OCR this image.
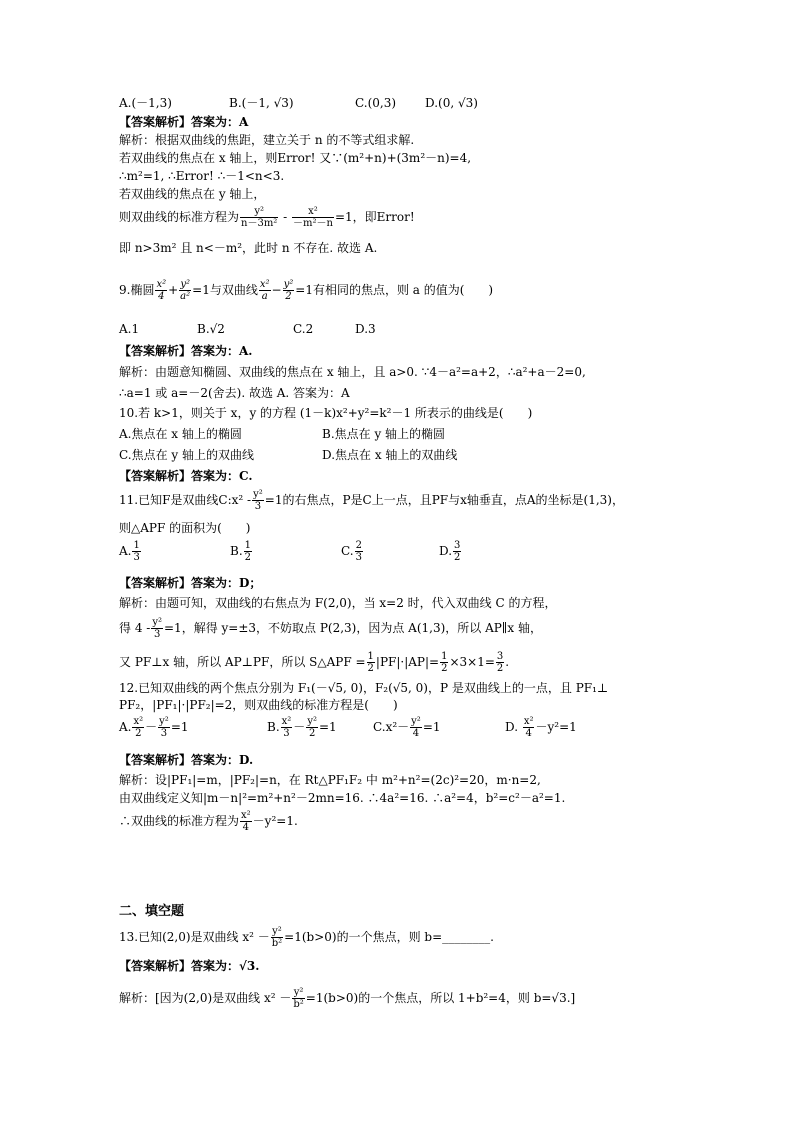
A.(－1,3)	B.(－1, √3)	C.(0,3) D.(0, √3)
【答案解析】答案为：A
解析：根据双曲线的焦距，建立关于 n 的不等式组求解.
若双曲线的焦点在 x 轴上，则Error! 又∵(m²+n)+(3m²－n)=4,
∴m²=1, ∴Error! ∴－1<n<3.
若双曲线的焦点在 y 轴上，
则双曲线的标准方程为 $\frac{\text{y²}}{\text{n－3m²}} - \frac{\text{x²}}{\text{－m²－n}} =1$，即Error!
即 n>3m² 且 n<－m²，此时 n 不存在. 故选 A.
9.椭圆 $\frac{\text{x²}}{4} + \frac{\text{y²}}{\text{a²}} =1$与双曲线 $\frac{\text{x²}}{a} - \frac{\text{y²}}{2} =1$有相同的焦点，则 a 的值为(　　)
A.1	B.√2	C.2	D.3
【答案解析】答案为：A.
解析：由题意知椭圆、双曲线的焦点在 x 轴上，且 a>0. ∵4－a²=a+2，∴a²+a－2=0,
∴a=1 或 a=－2(舍去). 故选 A. 答案为：A
10.若 k>1，则关于 x，y 的方程 (1－k)x²+y²=k²－1 所表示的曲线是(　　)
A.焦点在 x 轴上的椭圆	B.焦点在 y 轴上的椭圆
C.焦点在 y 轴上的双曲线	D.焦点在 x 轴上的双曲线
【答案解析】答案为：C.
11.已知F是双曲线C:x² - $\frac{\text{y²}}{3} =1$的右焦点，P是C上一点，且PF与x轴垂直，点A的坐标是(1,3)，
则△APF 的面积为(　　)
A. $\frac{1}{3}$	B. $\frac{1}{2}$	C. $\frac{2}{3}$	D. $\frac{3}{2}$
【答案解析】答案为：D；
解析：由题可知，双曲线的右焦点为 F(2,0)，当 x=2 时，代入双曲线 C 的方程，
得 $4 - \frac{\text{y²}}{3} =1$，解得 y=±3，不妨取点 P(2,3)，因为点 A(1,3)，所以 AP∥x 轴，
又 PF⊥x 轴，所以 AP⊥PF，所以 S△APF = $\frac{1}{2} |PF|\cdot|AP|= \frac{1}{2} \times 3\times 1= \frac{3}{2}$ .
12.已知双曲线的两个焦点分别为 F₁(－√5, 0)，F₂(√5, 0)，P 是双曲线上的一点，且 PF₁⊥
PF₂，|PF₁|·|PF₂|=2，则双曲线的标准方程是(　　)
A. $\frac{\text{x²}}{2} - \frac{\text{y²}}{3} =1$	B. $\frac{\text{x²}}{3} - \frac{\text{y²}}{2} =1$	$C.x^2- \frac{\text{y²}}{4} =1$	D. $\frac{\text{x²}}{4} -y^2=1$
【答案解析】答案为：D.
解析：设|PF₁|=m，|PF₂|=n，在 Rt△PF₁F₂ 中 m²+n²=(2c)²=20，m·n=2,
由双曲线定义知|m－n|²=m²+n²－2mn=16. ∴4a²=16. ∴a²=4，b²=c²－a²=1.
∴双曲线的标准方程为 $\frac{\text{x²}}{4} -y^2=1$.
二、填空题
13.已知(2,0)是双曲线 $x^2 - \frac{\text{y²}}{\text{b²}} =1(b>0)$的一个焦点，则 b=________.
【答案解析】答案为：√3.
解析：[因为(2,0)是双曲线 $x^2 - \frac{\text{y²}}{\text{b²}} =1(b>0)$的一个焦点，所以 1+b²=4，则 b=√3.]
